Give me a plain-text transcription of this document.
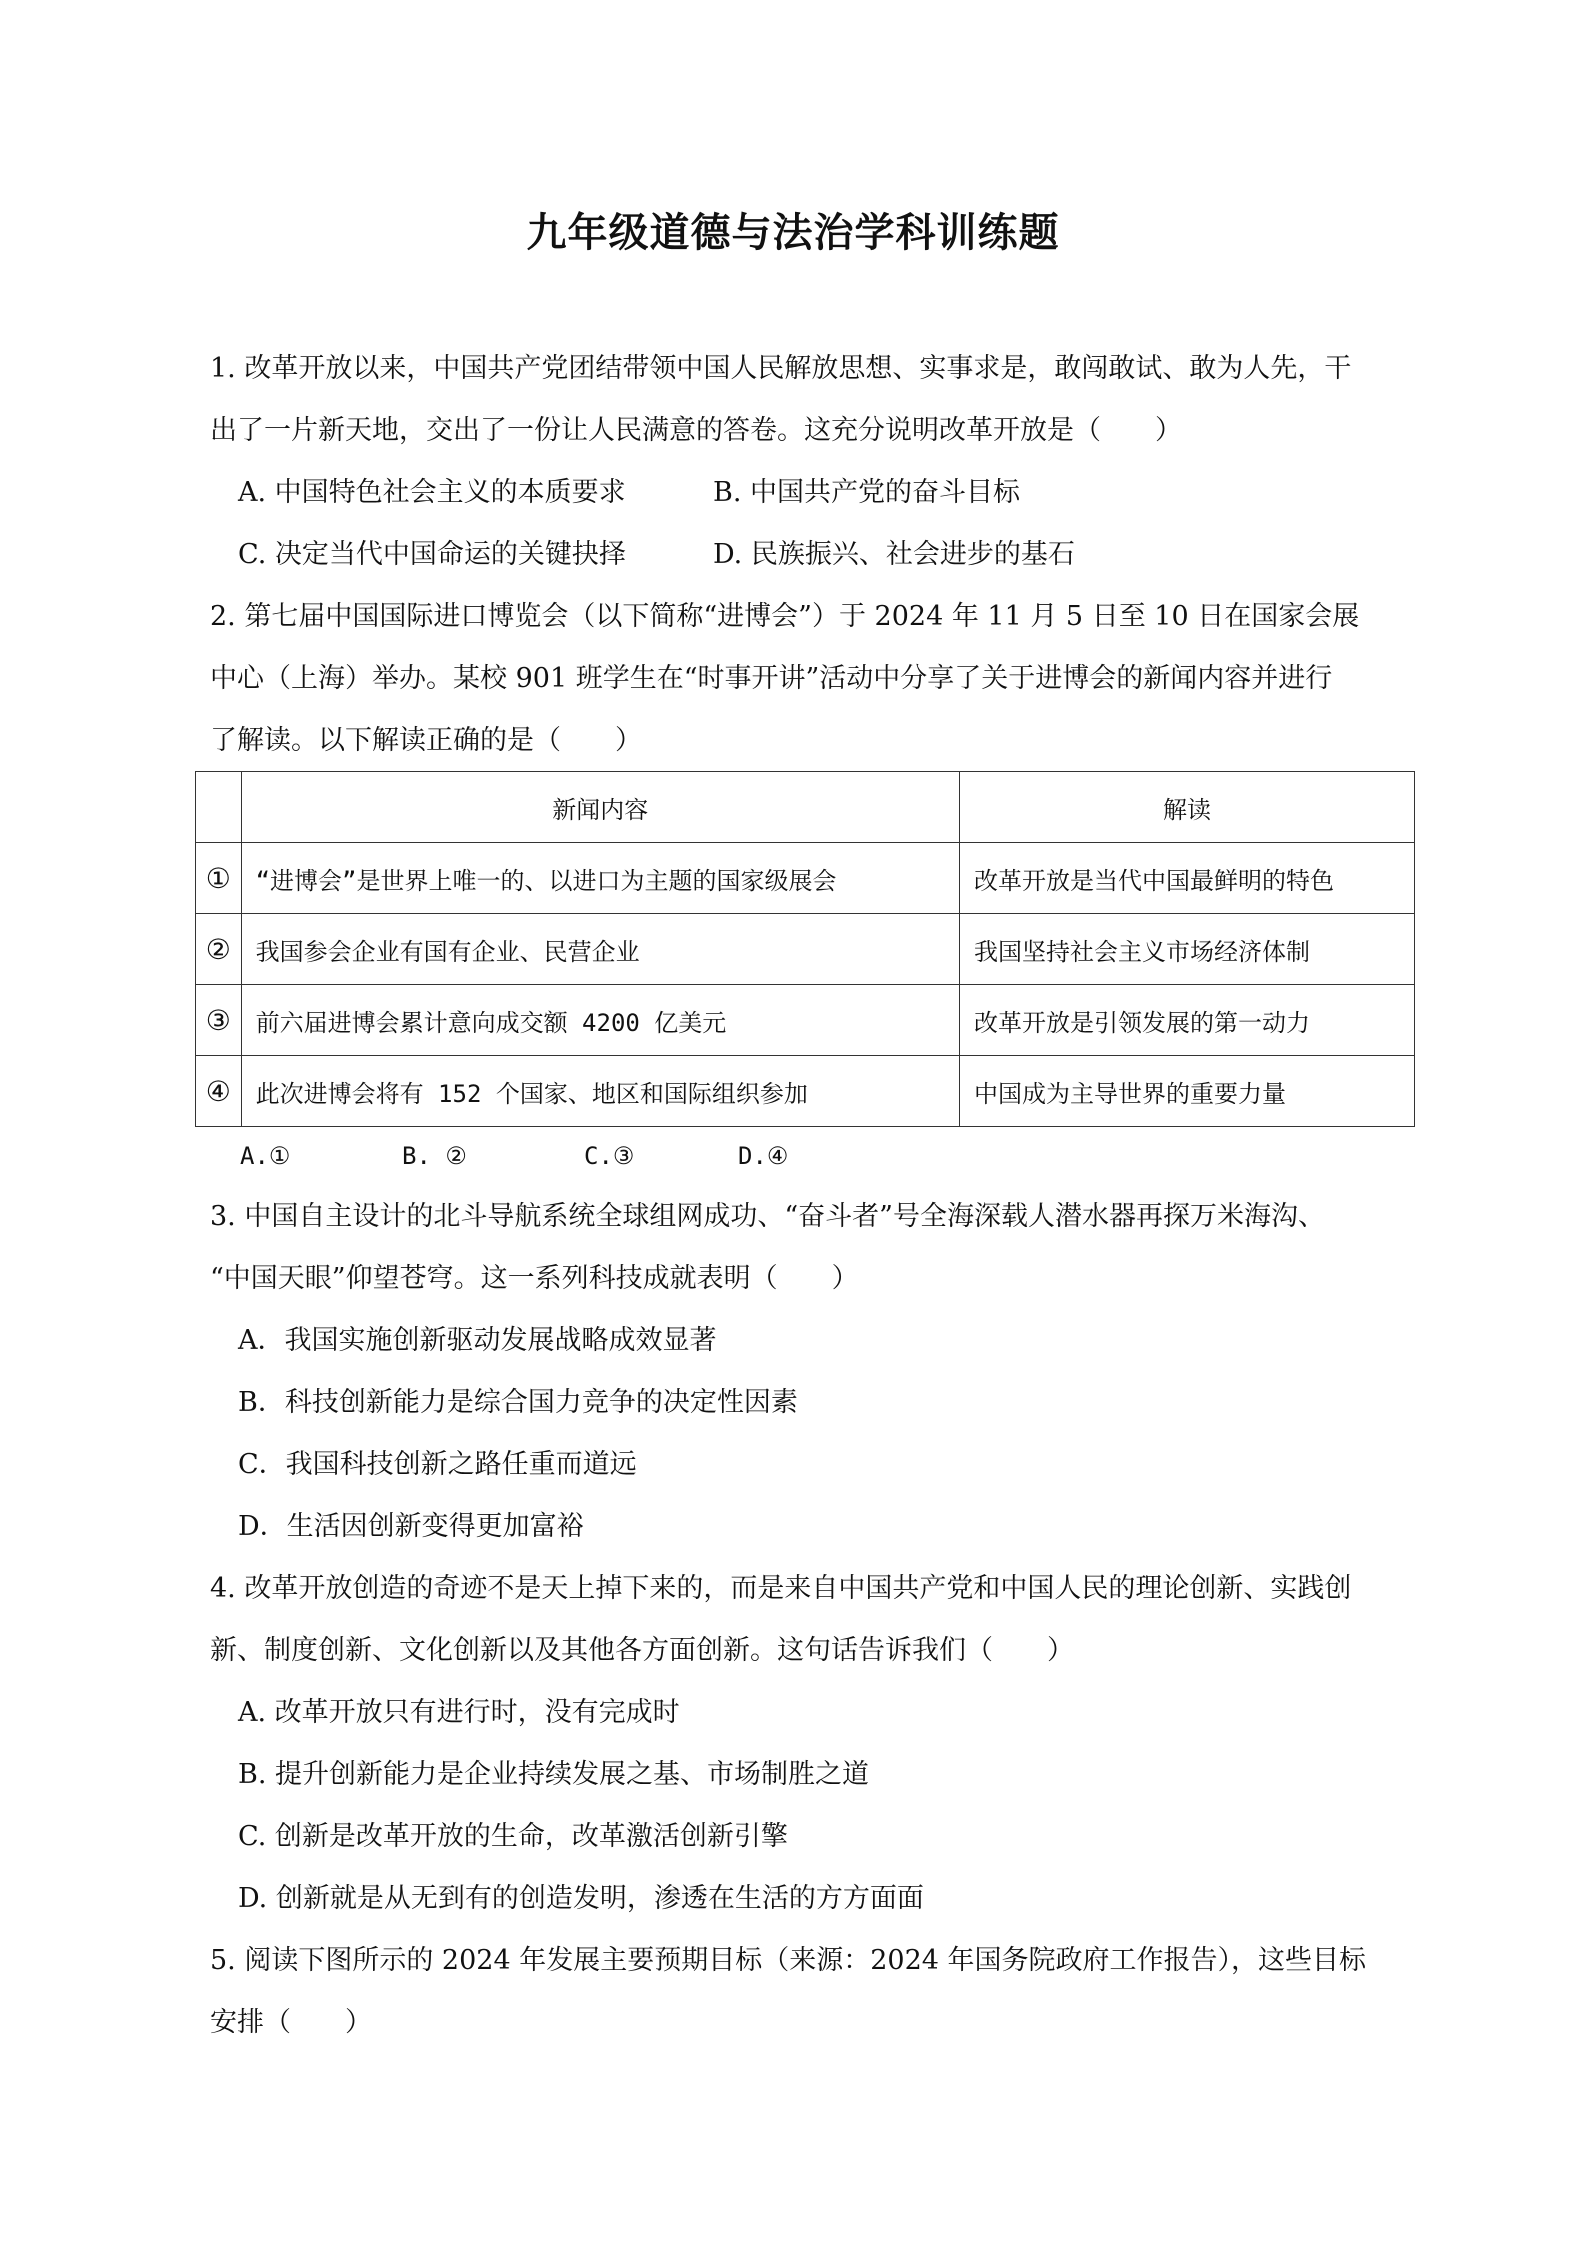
九年级道德与法治学科训练题
1. 改革开放以来，中国共产党团结带领中国人民解放思想、实事求是，敢闯敢试、敢为人先，干
出了一片新天地，交出了一份让人民满意的答卷。这充分说明改革开放是（　　）
A. 中国特色社会主义的本质要求	B. 中国共产党的奋斗目标
C. 决定当代中国命运的关键抉择	D. 民族振兴、社会进步的基石
2. 第七届中国国际进口博览会（以下简称“进博会”）于 2024 年 11 月 5 日至 10 日在国家会展
中心（上海）举办。某校 901 班学生在“时事开讲”活动中分享了关于进博会的新闻内容并进行
了解读。以下解读正确的是（　　）
	新闻内容	解读
①	“进博会”是世界上唯一的、以进口为主题的国家级展会	改革开放是当代中国最鲜明的特色
②	我国参会企业有国有企业、民营企业	我国坚持社会主义市场经济体制
③	前六届进博会累计意向成交额 4200 亿美元	改革开放是引领发展的第一动力
④	此次进博会将有 152 个国家、地区和国际组织参加	中国成为主导世界的重要力量
A.①	B. ②	C.③	D.④
3. 中国自主设计的北斗导航系统全球组网成功、“奋斗者”号全海深载人潜水器再探万米海沟、
“中国天眼”仰望苍穹。这一系列科技成就表明（　　）
A．我国实施创新驱动发展战略成效显著
B．科技创新能力是综合国力竞争的决定性因素
C．我国科技创新之路任重而道远
D．生活因创新变得更加富裕
4. 改革开放创造的奇迹不是天上掉下来的，而是来自中国共产党和中国人民的理论创新、实践创
新、制度创新、文化创新以及其他各方面创新。这句话告诉我们（　　）
A. 改革开放只有进行时，没有完成时
B. 提升创新能力是企业持续发展之基、市场制胜之道
C. 创新是改革开放的生命，改革激活创新引擎
D. 创新就是从无到有的创造发明，渗透在生活的方方面面
5. 阅读下图所示的 2024 年发展主要预期目标（来源：2024 年国务院政府工作报告），这些目标
安排（　　）
